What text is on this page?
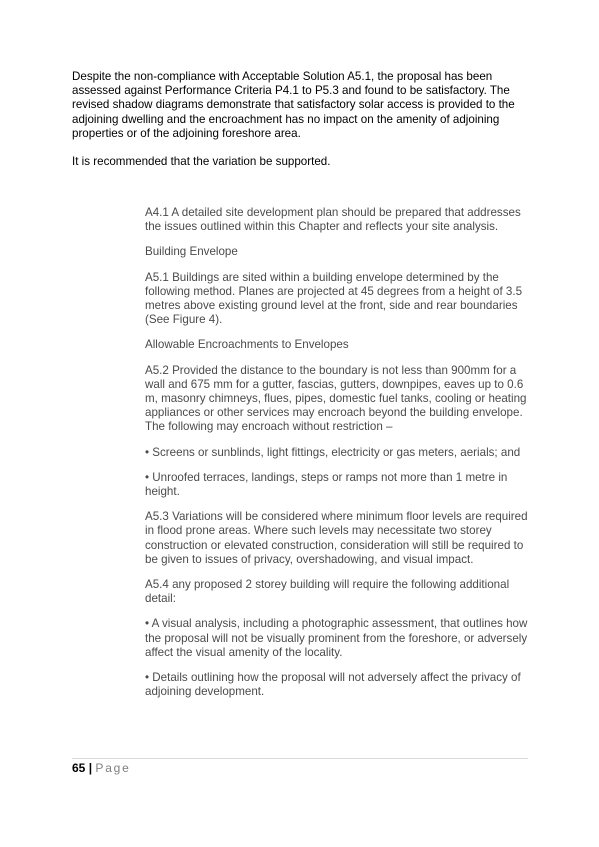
Despite the non-compliance with Acceptable Solution A5.1, the proposal has been assessed against Performance Criteria P4.1 to P5.3 and found to be satisfactory. The revised shadow diagrams demonstrate that satisfactory solar access is provided to the adjoining dwelling and the encroachment has no impact on the amenity of adjoining properties or of the adjoining foreshore area.

It is recommended that the variation be supported.

A4.1 A detailed site development plan should be prepared that addresses the issues outlined within this Chapter and reflects your site analysis.

Building Envelope

A5.1 Buildings are sited within a building envelope determined by the following method. Planes are projected at 45 degrees from a height of 3.5 metres above existing ground level at the front, side and rear boundaries (See Figure 4).

Allowable Encroachments to Envelopes

A5.2 Provided the distance to the boundary is not less than 900mm for a wall and 675 mm for a gutter, fascias, gutters, downpipes, eaves up to 0.6 m, masonry chimneys, flues, pipes, domestic fuel tanks, cooling or heating appliances or other services may encroach beyond the building envelope. The following may encroach without restriction –

• Screens or sunblinds, light fittings, electricity or gas meters, aerials; and

• Unroofed terraces, landings, steps or ramps not more than 1 metre in height.

A5.3 Variations will be considered where minimum floor levels are required in flood prone areas. Where such levels may necessitate two storey construction or elevated construction, consideration will still be required to be given to issues of privacy, overshadowing, and visual impact.

A5.4 any proposed 2 storey building will require the following additional detail:

• A visual analysis, including a photographic assessment, that outlines how the proposal will not be visually prominent from the foreshore, or adversely affect the visual amenity of the locality.

• Details outlining how the proposal will not adversely affect the privacy of adjoining development.

65 | Page
